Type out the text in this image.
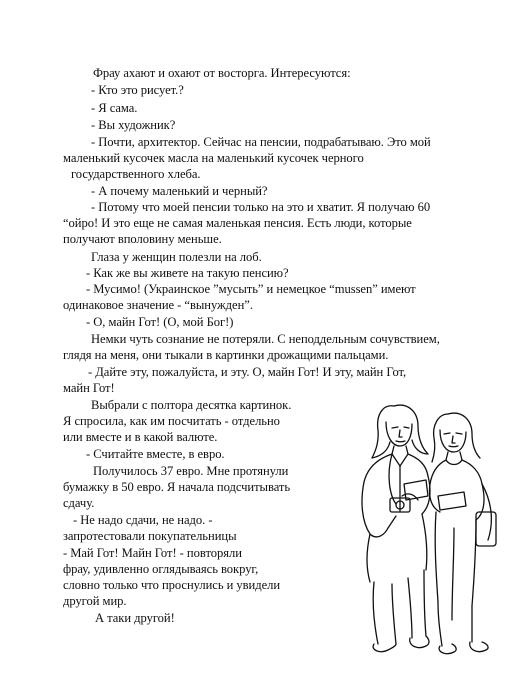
Фрау ахают и охают от восторга. Интересуются:
- Кто это рисует.?
- Я сама.
- Вы художник?
- Почти, архитектор. Сейчас на пенсии, подрабатываю. Это мой
маленький кусочек масла на маленький кусочек черного
государственного хлеба.
- А почему маленький и черный?
- Потому что моей пенсии только на это и хватит. Я получаю 60
“ойро! И это еще не самая маленькая пенсия. Есть люди, которые
получают вполовину меньше.
Глаза у женщин полезли на лоб.
- Как же вы живете на такую пенсию?
- Мусимо! (Украинское ”мусыть” и немецкое “mussen” имеют
одинаковое значение - “вынужден”.
- О, майн Гот! (О, мой Бог!)
Немки чуть сознание не потеряли. С неподдельным сочувствием,
глядя на меня, они тыкали в картинки дрожащими пальцами.
- Дайте эту, пожалуйста, и эту. О, майн Гот! И эту, майн Гот,
майн Гот!
Выбрали с полтора десятка картинок.
Я спросила, как им посчитать - отдельно
или вместе и в какой валюте.
- Считайте вместе, в евро.
Получилось 37 евро. Мне протянули
бумажку в 50 евро. Я начала подсчитывать
сдачу.
- Не надо сдачи, не надо. -
запротестовали покупательницы
- Май Гот! Майн Гот! - повторяли
фрау, удивленно оглядываясь вокруг,
словно только что проснулись и увидели
другой мир.
А таки другой!
